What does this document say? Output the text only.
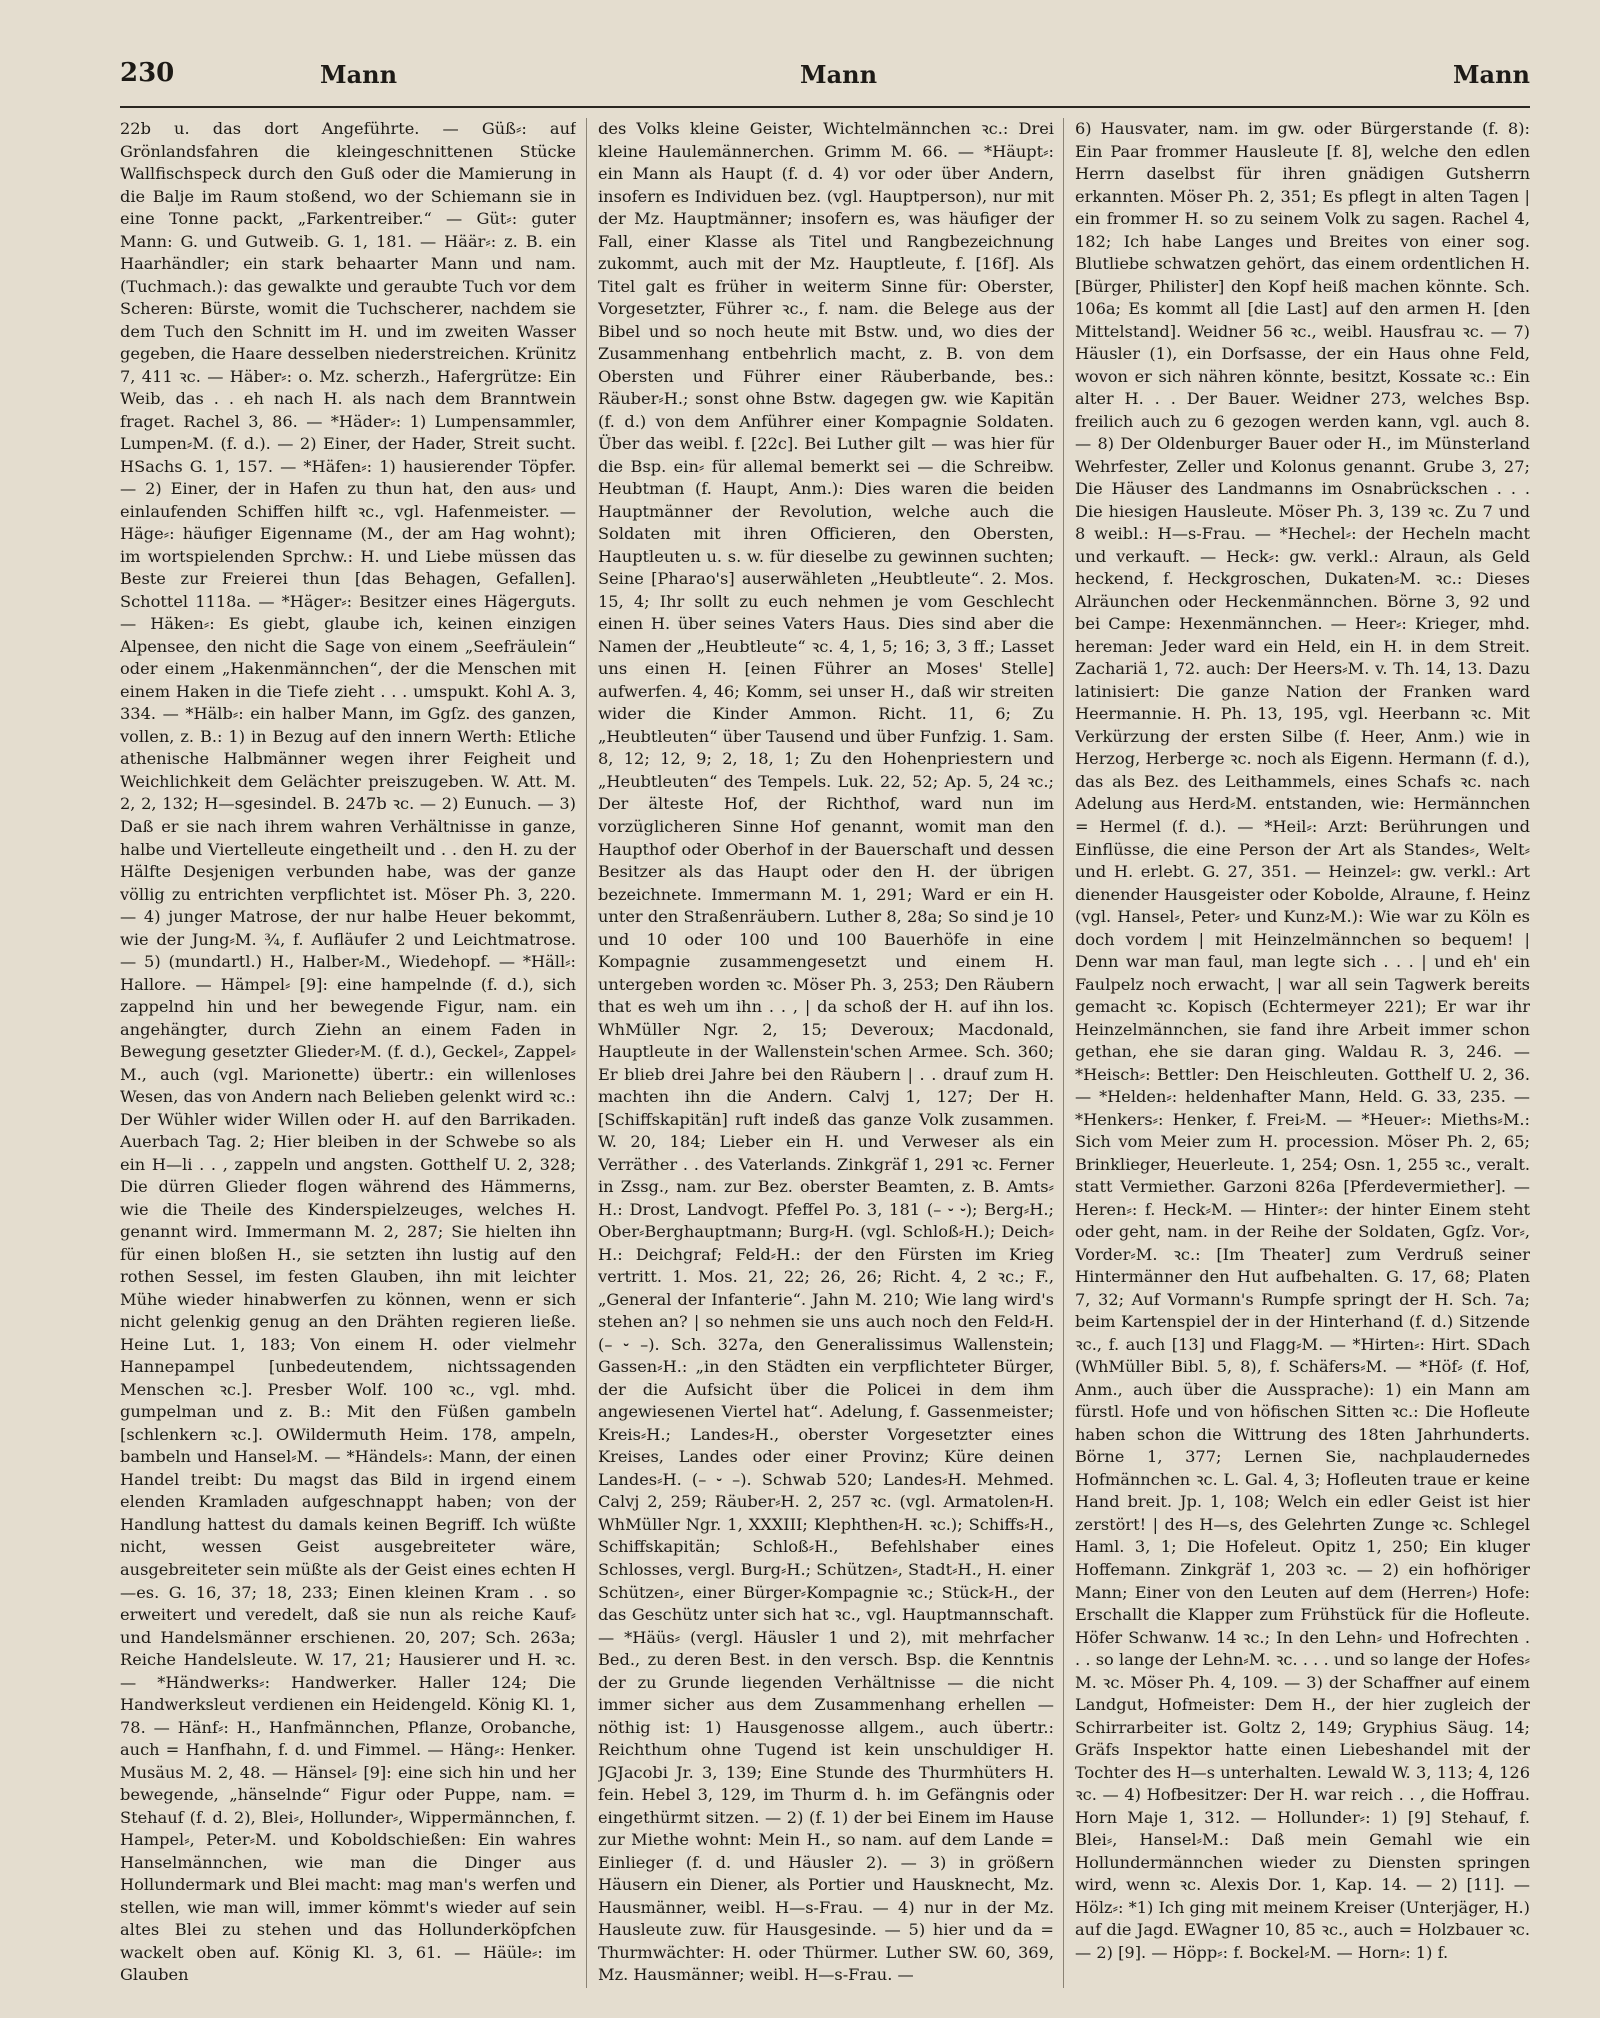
230	Mann	Mann	Mann

22b u. das dort Angeführte. — Güß⸗: auf Grönlandsfahren die kleingeschnittenen Stücke Wallfischspeck durch den Guß oder die Mamierung in die Balje im Raum stoßend, wo der Schiemann sie in eine Tonne packt, „Farkentreiber.“ — Güt⸗: guter Mann: G. und Gutweib. G. 1, 181. — Häär⸗: z. B. ein Haarhändler; ein stark behaarter Mann und nam. (Tuchmach.): das gewalkte und geraubte Tuch vor dem Scheren: Bürste, womit die Tuchscherer, nachdem sie dem Tuch den Schnitt im H. und im zweiten Wasser gegeben, die Haare desselben niederstreichen. Krünitz 7, 411 ꝛc. — Häber⸗: o. Mz. scherzh., Hafergrütze: Ein Weib, das . . eh nach H. als nach dem Branntwein fraget. Rachel 3, 86. — *Häder⸗: 1) Lumpensammler, Lumpen⸗M. (f. d.). — 2) Einer, der Hader, Streit sucht. HSachs G. 1, 157. — *Häfen⸗: 1) hausierender Töpfer. — 2) Einer, der in Hafen zu thun hat, den aus⸗ und einlaufenden Schiffen hilft ꝛc., vgl. Hafenmeister. — Häge⸗: häufiger Eigenname (M., der am Hag wohnt); im wortspielenden Sprchw.: H. und Liebe müssen das Beste zur Freierei thun [das Behagen, Gefallen]. Schottel 1118a. — *Häger⸗: Besitzer eines Hägerguts. — Häken⸗: Es giebt, glaube ich, keinen einzigen Alpensee, den nicht die Sage von einem „Seefräulein“ oder einem „Hakenmännchen“, der die Menschen mit einem Haken in die Tiefe zieht . . . umspukt. Kohl A. 3, 334. — *Hälb⸗: ein halber Mann, im Ggſz. des ganzen, vollen, z. B.: 1) in Bezug auf den innern Werth: Etliche athenische Halbmänner wegen ihrer Feigheit und Weichlichkeit dem Gelächter preiszugeben. W. Att. M. 2, 2, 132; H—sgesindel. B. 247b ꝛc. — 2) Eunuch. — 3) Daß er sie nach ihrem wahren Verhältnisse in ganze, halbe und Viertelleute eingetheilt und . . den H. zu der Hälfte Desjenigen verbunden habe, was der ganze völlig zu entrichten verpflichtet ist. Möser Ph. 3, 220. — 4) junger Matrose, der nur halbe Heuer bekommt, wie der Jung⸗M. ¾, f. Aufläufer 2 und Leichtmatrose. — 5) (mundartl.) H., Halber⸗M., Wiedehopf. — *Häll⸗: Hallore. — Hämpel⸗ [9]: eine hampelnde (f. d.), sich zappelnd hin und her bewegende Figur, nam. ein angehängter, durch Ziehn an einem Faden in Bewegung gesetzter Glieder⸗M. (f. d.), Geckel⸗, Zappel⸗M., auch (vgl. Marionette) übertr.: ein willenloses Wesen, das von Andern nach Belieben gelenkt wird ꝛc.: Der Wühler wider Willen oder H. auf den Barrikaden. Auerbach Tag. 2; Hier bleiben in der Schwebe so als ein H—li . . , zappeln und angsten. Gotthelf U. 2, 328; Die dürren Glieder flogen während des Hämmerns, wie die Theile des Kinderspielzeuges, welches H. genannt wird. Immermann M. 2, 287; Sie hielten ihn für einen bloßen H., sie setzten ihn lustig auf den rothen Sessel, im festen Glauben, ihn mit leichter Mühe wieder hinabwerfen zu können, wenn er sich nicht gelenkig genug an den Drähten regieren ließe. Heine Lut. 1, 183; Von einem H. oder vielmehr Hannepampel [unbedeutendem, nichtssagenden Menschen ꝛc.]. Presber Wolf. 100 ꝛc., vgl. mhd. gumpelman und z. B.: Mit den Füßen gambeln [schlenkern ꝛc.]. OWildermuth Heim. 178, ampeln, bambeln und Hansel⸗M. — *Händels⸗: Mann, der einen Handel treibt: Du magst das Bild in irgend einem elenden Kramladen aufgeschnappt haben; von der Handlung hattest du damals keinen Begriff. Ich wüßte nicht, wessen Geist ausgebreiteter wäre, ausgebreiteter sein müßte als der Geist eines echten H—es. G. 16, 37; 18, 233; Einen kleinen Kram . . so erweitert und veredelt, daß sie nun als reiche Kauf⸗ und Handelsmänner erschienen. 20, 207; Sch. 263a; Reiche Handelsleute. W. 17, 21; Hausierer und H. ꝛc. — *Händwerks⸗: Handwerker. Haller 124; Die Handwerksleut verdienen ein Heidengeld. König Kl. 1, 78. — Hänf⸗: H., Hanfmännchen, Pflanze, Orobanche, auch = Hanfhahn, f. d. und Fimmel. — Häng⸗: Henker. Musäus M. 2, 48. — Hänsel⸗ [9]: eine sich hin und her bewegende, „hänselnde“ Figur oder Puppe, nam. = Stehauf (f. d. 2), Blei⸗, Hollunder⸗, Wippermännchen, f. Hampel⸗, Peter⸗M. und Koboldschießen: Ein wahres Hanselmännchen, wie man die Dinger aus Hollundermark und Blei macht: mag man's werfen und stellen, wie man will, immer kömmt's wieder auf sein altes Blei zu stehen und das Hollunderköpfchen wackelt oben auf. König Kl. 3, 61. — Häüle⸗: im Glauben

des Volks kleine Geister, Wichtelmännchen ꝛc.: Drei kleine Haulemännerchen. Grimm M. 66. — *Häupt⸗: ein Mann als Haupt (f. d. 4) vor oder über Andern, insofern es Individuen bez. (vgl. Hauptperson), nur mit der Mz. Hauptmänner; insofern es, was häufiger der Fall, einer Klasse als Titel und Rangbezeichnung zukommt, auch mit der Mz. Hauptleute, f. [16f]. Als Titel galt es früher in weiterm Sinne für: Oberster, Vorgesetzter, Führer ꝛc., f. nam. die Belege aus der Bibel und so noch heute mit Bstw. und, wo dies der Zusammenhang entbehrlich macht, z. B. von dem Obersten und Führer einer Räuberbande, bes.: Räuber⸗H.; sonst ohne Bstw. dagegen gw. wie Kapitän (f. d.) von dem Anführer einer Kompagnie Soldaten. Über das weibl. f. [22c]. Bei Luther gilt — was hier für die Bsp. ein⸗ für allemal bemerkt sei — die Schreibw. Heubtman (f. Haupt, Anm.): Dies waren die beiden Hauptmänner der Revolution, welche auch die Soldaten mit ihren Officieren, den Obersten, Hauptleuten u. s. w. für dieselbe zu gewinnen suchten; Seine [Pharao's] auserwähleten „Heubtleute“. 2. Mos. 15, 4; Ihr sollt zu euch nehmen je vom Geschlecht einen H. über seines Vaters Haus. Dies sind aber die Namen der „Heubtleute“ ꝛc. 4, 1, 5; 16; 3, 3 ff.; Lasset uns einen H. [einen Führer an Moses' Stelle] aufwerfen. 4, 46; Komm, sei unser H., daß wir streiten wider die Kinder Ammon. Richt. 11, 6; Zu „Heubtleuten“ über Tausend und über Funfzig. 1. Sam. 8, 12; 12, 9; 2, 18, 1; Zu den Hohenpriestern und „Heubtleuten“ des Tempels. Luk. 22, 52; Ap. 5, 24 ꝛc.; Der älteste Hof, der Richthof, ward nun im vorzüglicheren Sinne Hof genannt, womit man den Haupthof oder Oberhof in der Bauerschaft und dessen Besitzer als das Haupt oder den H. der übrigen bezeichnete. Immermann M. 1, 291; Ward er ein H. unter den Straßenräubern. Luther 8, 28a; So sind je 10 und 10 oder 100 und 100 Bauerhöfe in eine Kompagnie zusammengesetzt und einem H. untergeben worden ꝛc. Möser Ph. 3, 253; Den Räubern that es weh um ihn . . , | da schoß der H. auf ihn los. WhMüller Ngr. 2, 15; Deveroux; Macdonald, Hauptleute in der Wallenstein'schen Armee. Sch. 360; Er blieb drei Jahre bei den Räubern | . . drauf zum H. machten ihn die Andern. Calvj 1, 127; Der H. [Schiffskapitän] ruft indeß das ganze Volk zusammen. W. 20, 184; Lieber ein H. und Verweser als ein Verräther . . des Vaterlands. Zinkgräf 1, 291 ꝛc. Ferner in Zssg., nam. zur Bez. oberster Beamten, z. B. Amts⸗H.: Drost, Landvogt. Pfeffel Po. 3, 181 (– ⏑ ⏑); Berg⸗H.; Ober⸗Berghauptmann; Burg⸗H. (vgl. Schloß⸗H.); Deich⸗H.: Deichgraf; Feld⸗H.: der den Fürsten im Krieg vertritt. 1. Mos. 21, 22; 26, 26; Richt. 4, 2 ꝛc.; F., „General der Infanterie“. Jahn M. 210; Wie lang wird's stehen an? | so nehmen sie uns auch noch den Feld⸗H. (– ⏑ –). Sch. 327a, den Generalissimus Wallenstein; Gassen⸗H.: „in den Städten ein verpflichteter Bürger, der die Aufsicht über die Policei in dem ihm angewiesenen Viertel hat“. Adelung, f. Gassenmeister; Kreis⸗H.; Landes⸗H., oberster Vorgesetzter eines Kreises, Landes oder einer Provinz; Küre deinen Landes⸗H. (– ⏑ –). Schwab 520; Landes⸗H. Mehmed. Calvj 2, 259; Räuber⸗H. 2, 257 ꝛc. (vgl. Armatolen⸗H. WhMüller Ngr. 1, XXXIII; Klephthen⸗H. ꝛc.); Schiffs⸗H., Schiffskapitän; Schloß⸗H., Befehlshaber eines Schlosses, vergl. Burg⸗H.; Schützen⸗, Stadt⸗H., H. einer Schützen⸗, einer Bürger⸗Kompagnie ꝛc.; Stück⸗H., der das Geschütz unter sich hat ꝛc., vgl. Hauptmannschaft. — *Häüs⸗ (vergl. Häusler 1 und 2), mit mehrfacher Bed., zu deren Best. in den versch. Bsp. die Kenntnis der zu Grunde liegenden Verhältnisse — die nicht immer sicher aus dem Zusammenhang erhellen — nöthig ist: 1) Hausgenosse allgem., auch übertr.: Reichthum ohne Tugend ist kein unschuldiger H. JGJacobi Jr. 3, 139; Eine Stunde des Thurmhüters H. fein. Hebel 3, 129, im Thurm d. h. im Gefängnis oder eingethürmt sitzen. — 2) (f. 1) der bei Einem im Hause zur Miethe wohnt: Mein H., so nam. auf dem Lande = Einlieger (f. d. und Häusler 2). — 3) in größern Häusern ein Diener, als Portier und Hausknecht, Mz. Hausmänner, weibl. H—s-Frau. — 4) nur in der Mz. Hausleute zuw. für Hausgesinde. — 5) hier und da = Thurmwächter: H. oder Thürmer. Luther SW. 60, 369, Mz. Hausmänner; weibl. H—s-Frau. —

6) Hausvater, nam. im gw. oder Bürgerstande (f. 8): Ein Paar frommer Hausleute [f. 8], welche den edlen Herrn daselbst für ihren gnädigen Gutsherrn erkannten. Möser Ph. 2, 351; Es pflegt in alten Tagen | ein frommer H. so zu seinem Volk zu sagen. Rachel 4, 182; Ich habe Langes und Breites von einer sog. Blutliebe schwatzen gehört, das einem ordentlichen H. [Bürger, Philister] den Kopf heiß machen könnte. Sch. 106a; Es kommt all [die Last] auf den armen H. [den Mittelstand]. Weidner 56 ꝛc., weibl. Hausfrau ꝛc. — 7) Häusler (1), ein Dorfsasse, der ein Haus ohne Feld, wovon er sich nähren könnte, besitzt, Kossate ꝛc.: Ein alter H. . . Der Bauer. Weidner 273, welches Bsp. freilich auch zu 6 gezogen werden kann, vgl. auch 8. — 8) Der Oldenburger Bauer oder H., im Münsterland Wehrfester, Zeller und Kolonus genannt. Grube 3, 27; Die Häuser des Landmanns im Osnabrückschen . . . Die hiesigen Hausleute. Möser Ph. 3, 139 ꝛc. Zu 7 und 8 weibl.: H—s-Frau. — *Hechel⸗: der Hecheln macht und verkauft. — Heck⸗: gw. verkl.: Alraun, als Geld heckend, f. Heckgroschen, Dukaten⸗M. ꝛc.: Dieses Alräunchen oder Heckenmännchen. Börne 3, 92 und bei Campe: Hexenmännchen. — Heer⸗: Krieger, mhd. hereman: Jeder ward ein Held, ein H. in dem Streit. Zachariä 1, 72. auch: Der Heers⸗M. v. Th. 14, 13. Dazu latinisiert: Die ganze Nation der Franken ward Heermannie. H. Ph. 13, 195, vgl. Heerbann ꝛc. Mit Verkürzung der ersten Silbe (f. Heer, Anm.) wie in Herzog, Herberge ꝛc. noch als Eigenn. Hermann (f. d.), das als Bez. des Leithammels, eines Schafs ꝛc. nach Adelung aus Herd⸗M. entstanden, wie: Hermännchen = Hermel (f. d.). — *Heil⸗: Arzt: Berührungen und Einflüsse, die eine Person der Art als Standes⸗, Welt⸗ und H. erlebt. G. 27, 351. — Heinzel⸗: gw. verkl.: Art dienender Hausgeister oder Kobolde, Alraune, f. Heinz (vgl. Hansel⸗, Peter⸗ und Kunz⸗M.): Wie war zu Köln es doch vordem | mit Heinzelmännchen so bequem! | Denn war man faul, man legte sich . . . | und eh' ein Faulpelz noch erwacht, | war all sein Tagwerk bereits gemacht ꝛc. Kopisch (Echtermeyer 221); Er war ihr Heinzelmännchen, sie fand ihre Arbeit immer schon gethan, ehe sie daran ging. Waldau R. 3, 246. — *Heisch⸗: Bettler: Den Heischleuten. Gotthelf U. 2, 36. — *Helden⸗: heldenhafter Mann, Held. G. 33, 235. — *Henkers⸗: Henker, f. Frei⸗M. — *Heuer⸗: Mieths⸗M.: Sich vom Meier zum H. procession. Möser Ph. 2, 65; Brinklieger, Heuerleute. 1, 254; Osn. 1, 255 ꝛc., veralt. statt Vermiether. Garzoni 826a [Pferdevermiether]. — Heren⸗: f. Heck⸗M. — Hinter⸗: der hinter Einem steht oder geht, nam. in der Reihe der Soldaten, Ggſz. Vor⸗, Vorder⸗M. ꝛc.: [Im Theater] zum Verdruß seiner Hintermänner den Hut aufbehalten. G. 17, 68; Platen 7, 32; Auf Vormann's Rumpfe springt der H. Sch. 7a; beim Kartenspiel der in der Hinterhand (f. d.) Sitzende ꝛc., f. auch [13] und Flagg⸗M. — *Hirten⸗: Hirt. SDach (WhMüller Bibl. 5, 8), f. Schäfers⸗M. — *Höf⸗ (f. Hof, Anm., auch über die Aussprache): 1) ein Mann am fürstl. Hofe und von höfischen Sitten ꝛc.: Die Hofleute haben schon die Wittrung des 18ten Jahrhunderts. Börne 1, 377; Lernen Sie, nachplaudernedes Hofmännchen ꝛc. L. Gal. 4, 3; Hofleuten traue er keine Hand breit. Jp. 1, 108; Welch ein edler Geist ist hier zerstört! | des H—s, des Gelehrten Zunge ꝛc. Schlegel Haml. 3, 1; Die Hofeleut. Opitz 1, 250; Ein kluger Hoffemann. Zinkgräf 1, 203 ꝛc. — 2) ein hofhöriger Mann; Einer von den Leuten auf dem (Herren⸗) Hofe: Erschallt die Klapper zum Frühstück für die Hofleute. Höfer Schwanw. 14 ꝛc.; In den Lehn⸗ und Hofrechten . . . so lange der Lehn⸗M. ꝛc. . . . und so lange der Hofes⸗M. ꝛc. Möser Ph. 4, 109. — 3) der Schaffner auf einem Landgut, Hofmeister: Dem H., der hier zugleich der Schirrarbeiter ist. Goltz 2, 149; Gryphius Säug. 14; Gräfs Inspektor hatte einen Liebeshandel mit der Tochter des H—s unterhalten. Lewald W. 3, 113; 4, 126 ꝛc. — 4) Hofbesitzer: Der H. war reich . . , die Hoffrau. Horn Maje 1, 312. — Hollunder⸗: 1) [9] Stehauf, f. Blei⸗, Hansel⸗M.: Daß mein Gemahl wie ein Hollundermännchen wieder zu Diensten springen wird, wenn ꝛc. Alexis Dor. 1, Kap. 14. — 2) [11]. — Hölz⸗: *1) Ich ging mit meinem Kreiser (Unterjäger, H.) auf die Jagd. EWagner 10, 85 ꝛc., auch = Holzbauer ꝛc. — 2) [9]. — Höpp⸗: f. Bockel⸗M. — Horn⸗: 1) f.
